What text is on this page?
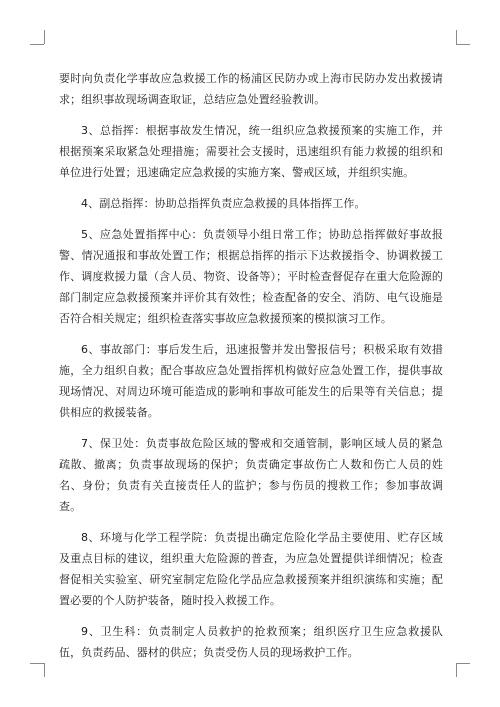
要时向负责化学事故应急救援工作的杨浦区民防办或上海市民防办发出救援请求；组织事故现场调查取证，总结应急处置经验教训。

3、总指挥：根据事故发生情况，统一组织应急救援预案的实施工作，并根据预案采取紧急处理措施；需要社会支援时，迅速组织有能力救援的组织和单位进行处置；迅速确定应急救援的实施方案、警戒区域，并组织实施。

4、副总指挥：协助总指挥负责应急救援的具体指挥工作。

5、应急处置指挥中心：负责领导小组日常工作；协助总指挥做好事故报警、情况通报和事故处置工作；根据总指挥的指示下达救援指令、协调救援工作、调度救援力量（含人员、物资、设备等）；平时检查督促存在重大危险源的部门制定应急救援预案并评价其有效性；检查配备的安全、消防、电气设施是否符合相关规定；组织检查落实事故应急救援预案的模拟演习工作。

6、事故部门：事后发生后，迅速报警并发出警报信号；积极采取有效措施，全力组织自救；配合事故应急处置指挥机构做好应急处置工作，提供事故现场情况、对周边环境可能造成的影响和事故可能发生的后果等有关信息；提供相应的救援装备。

7、保卫处：负责事故危险区域的警戒和交通管制，影响区域人员的紧急疏散、撤离；负责事故现场的保护；负责确定事故伤亡人数和伤亡人员的姓名、身份；负责有关直接责任人的监护；参与伤员的搜救工作；参加事故调查。

8、环境与化学工程学院：负责提出确定危险化学品主要使用、贮存区域及重点目标的建议，组织重大危险源的普查，为应急处置提供详细情况；检查督促相关实验室、研究室制定危险化学品应急救援预案并组织演练和实施；配置必要的个人防护装备，随时投入救援工作。

9、卫生科：负责制定人员救护的抢救预案；组织医疗卫生应急救援队伍，负责药品、器材的供应；负责受伤人员的现场救护工作。
